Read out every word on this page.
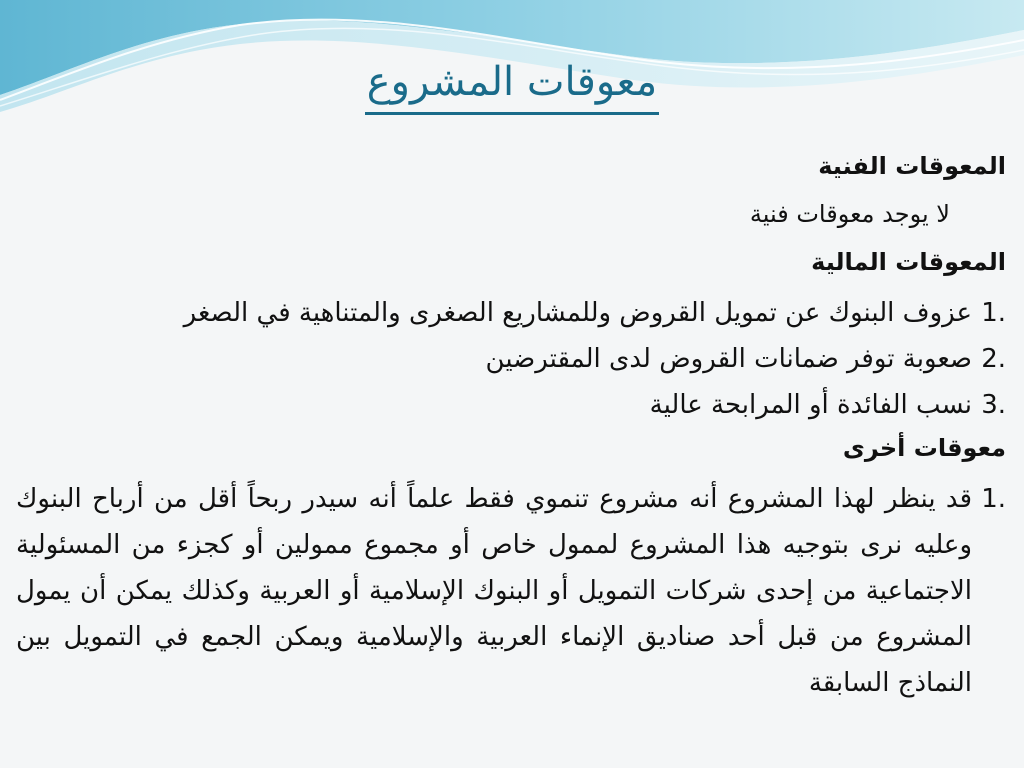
معوقات المشروع
المعوقات الفنية
لا يوجد معوقات فنية
المعوقات المالية
1.
عزوف البنوك عن تمويل القروض وللمشاريع الصغرى والمتناهية في الصغر
2.
صعوبة توفر ضمانات القروض لدى المقترضين
3.
نسب الفائدة أو المرابحة عالية
معوقات أخرى
1.
قد ينظر لهذا المشروع أنه مشروع تنموي فقط علماً أنه سيدر ربحاً أقل من أرباح البنوك وعليه نرى بتوجيه هذا المشروع لممول خاص أو مجموع ممولين أو كجزء من المسئولية الاجتماعية من إحدى شركات التمويل أو البنوك الإسلامية أو العربية وكذلك يمكن أن يمول المشروع من قبل أحد صناديق الإنماء العربية والإسلامية ويمكن الجمع في التمويل بين النماذج السابقة
